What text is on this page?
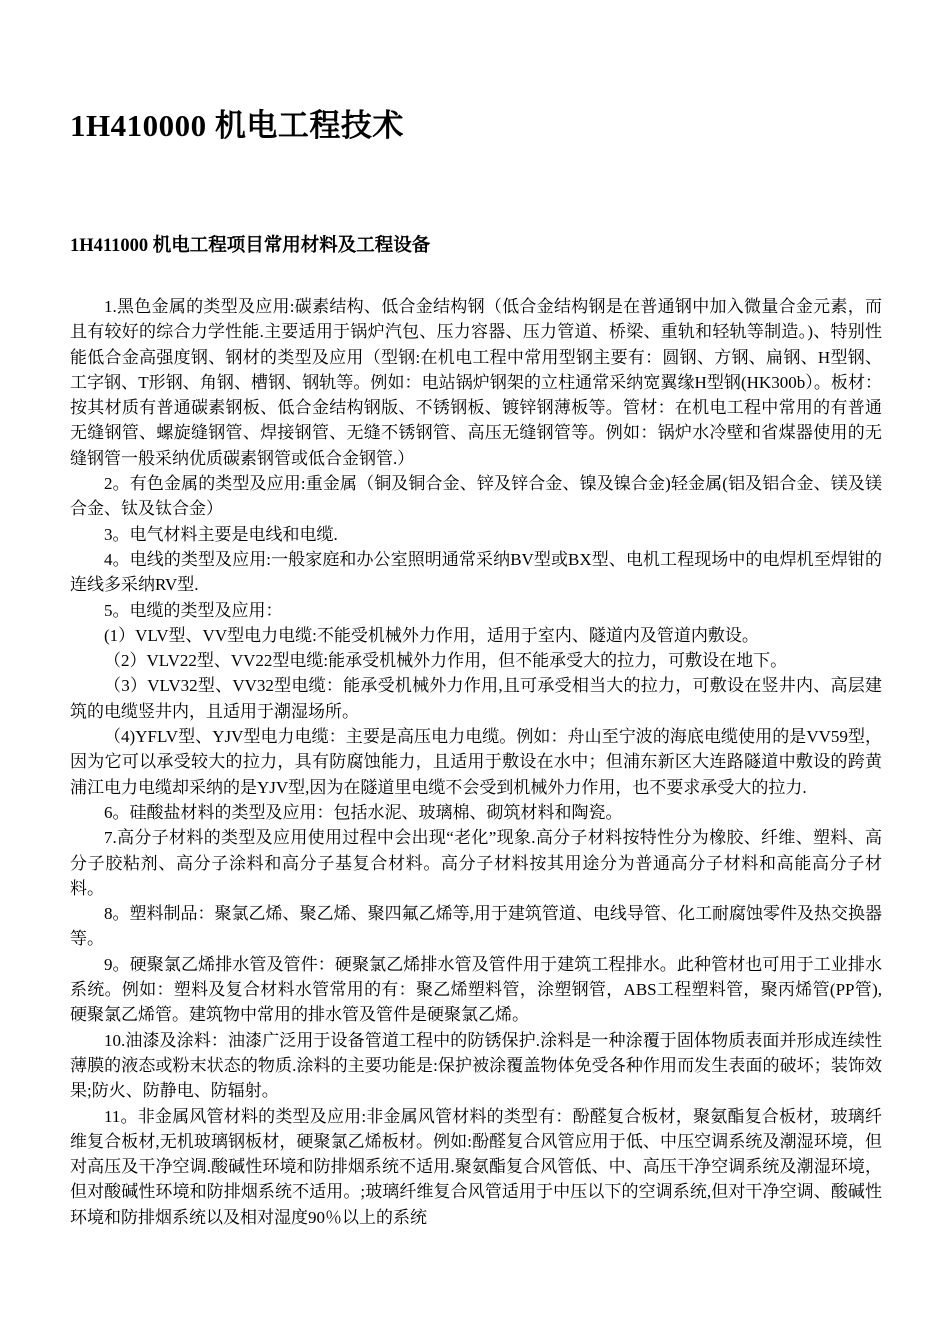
1H410000 机电工程技术
1H411000 机电工程项目常用材料及工程设备

1.黑色金属的类型及应用:碳素结构、低合金结构钢（低合金结构钢是在普通钢中加入微量合金元素，而且有较好的综合力学性能.主要适用于锅炉汽包、压力容器、压力管道、桥梁、重轨和轻轨等制造。)、特别性能低合金高强度钢、钢材的类型及应用（型钢:在机电工程中常用型钢主要有：圆钢、方钢、扁钢、H型钢、工字钢、T形钢、角钢、槽钢、钢轨等。例如：电站锅炉钢架的立柱通常采纳宽翼缘H型钢(HK300b）。板材：按其材质有普通碳素钢板、低合金结构钢版、不锈钢板、镀锌钢薄板等。管材：在机电工程中常用的有普通无缝钢管、螺旋缝钢管、焊接钢管、无缝不锈钢管、高压无缝钢管等。例如：锅炉水冷壁和省煤器使用的无缝钢管一般采纳优质碳素钢管或低合金钢管.）

2。有色金属的类型及应用:重金属（铜及铜合金、锌及锌合金、镍及镍合金)轻金属(铝及铝合金、镁及镁合金、钛及钛合金）

3。电气材料主要是电线和电缆.

4。电线的类型及应用:一般家庭和办公室照明通常采纳BV型或BX型、电机工程现场中的电焊机至焊钳的连线多采纳RV型.

5。电缆的类型及应用：

(1）VLV型、VV型电力电缆:不能受机械外力作用，适用于室内、隧道内及管道内敷设。

（2）VLV22型、VV22型电缆:能承受机械外力作用，但不能承受大的拉力，可敷设在地下。

（3）VLV32型、VV32型电缆：能承受机械外力作用,且可承受相当大的拉力，可敷设在竖井内、高层建筑的电缆竖井内，且适用于潮湿场所。

（4)YFLV型、YJV型电力电缆：主要是高压电力电缆。例如：舟山至宁波的海底电缆使用的是VV59型，因为它可以承受较大的拉力，具有防腐蚀能力，且适用于敷设在水中；但浦东新区大连路隧道中敷设的跨黄浦江电力电缆却采纳的是YJV型,因为在隧道里电缆不会受到机械外力作用，也不要求承受大的拉力.

6。硅酸盐材料的类型及应用：包括水泥、玻璃棉、砌筑材料和陶瓷。

7.高分子材料的类型及应用使用过程中会出现“老化”现象.高分子材料按特性分为橡胶、纤维、塑料、高分子胶粘剂、高分子涂料和高分子基复合材料。高分子材料按其用途分为普通高分子材料和高能高分子材料。

8。塑料制品：聚氯乙烯、聚乙烯、聚四氟乙烯等,用于建筑管道、电线导管、化工耐腐蚀零件及热交换器等。

9。硬聚氯乙烯排水管及管件：硬聚氯乙烯排水管及管件用于建筑工程排水。此种管材也可用于工业排水系统。例如：塑料及复合材料水管常用的有：聚乙烯塑料管，涂塑钢管，ABS工程塑料管，聚丙烯管(PP管),硬聚氯乙烯管。建筑物中常用的排水管及管件是硬聚氯乙烯。

10.油漆及涂料：油漆广泛用于设备管道工程中的防锈保护.涂料是一种涂覆于固体物质表面并形成连续性薄膜的液态或粉末状态的物质.涂料的主要功能是:保护被涂覆盖物体免受各种作用而发生表面的破坏；装饰效果;防火、防静电、防辐射。

11。非金属风管材料的类型及应用:非金属风管材料的类型有：酚醛复合板材，聚氨酯复合板材，玻璃纤维复合板材,无机玻璃钢板材，硬聚氯乙烯板材。例如:酚醛复合风管应用于低、中压空调系统及潮湿环境，但对高压及干净空调.酸碱性环境和防排烟系统不适用.聚氨酯复合风管低、中、高压干净空调系统及潮湿环境，但对酸碱性环境和防排烟系统不适用。;玻璃纤维复合风管适用于中压以下的空调系统,但对干净空调、酸碱性环境和防排烟系统以及相对湿度90％以上的系统
